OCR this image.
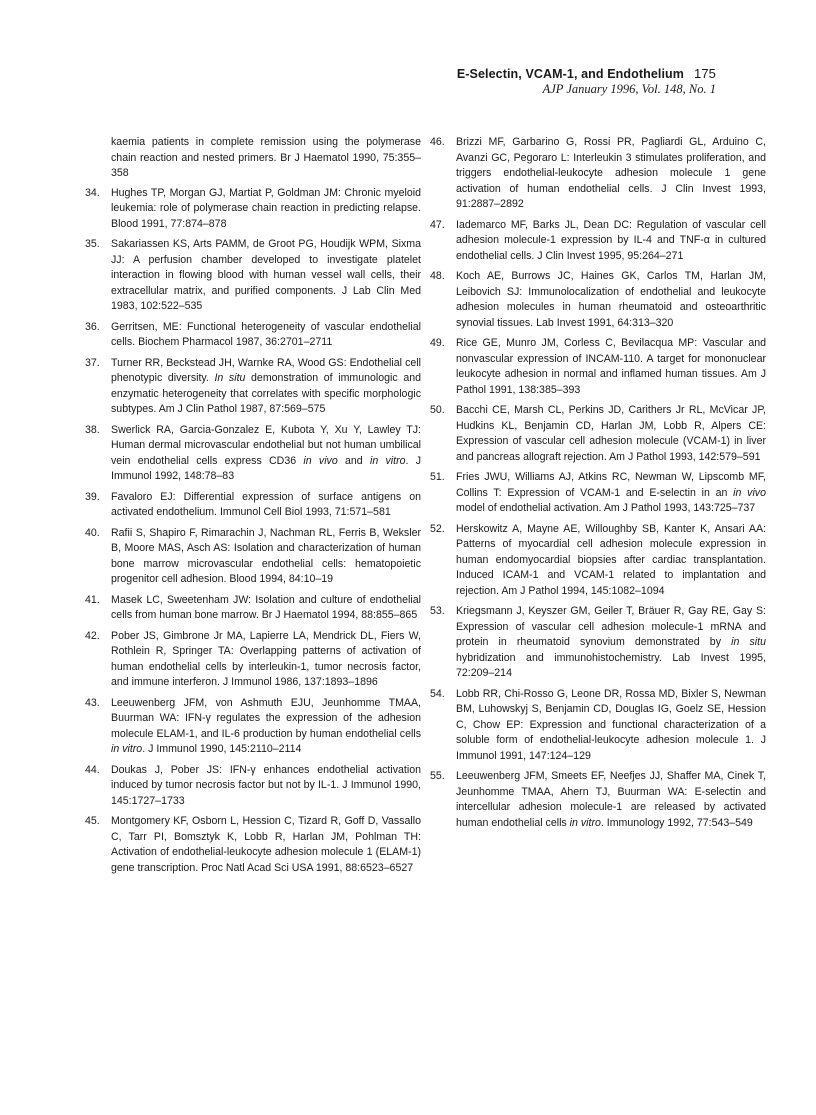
E-Selectin, VCAM-1, and Endothelium 175
AJP January 1996, Vol. 148, No. 1

kaemia patients in complete remission using the polymerase chain reaction and nested primers. Br J Haematol 1990, 75:355–358

34.	Hughes TP, Morgan GJ, Martiat P, Goldman JM: Chronic myeloid leukemia: role of polymerase chain reaction in predicting relapse. Blood 1991, 77:874–878

35.	Sakariassen KS, Arts PAMM, de Groot PG, Houdijk WPM, Sixma JJ: A perfusion chamber developed to investigate platelet interaction in flowing blood with human vessel wall cells, their extracellular matrix, and purified components. J Lab Clin Med 1983, 102:522–535

36.	Gerritsen, ME: Functional heterogeneity of vascular endothelial cells. Biochem Pharmacol 1987, 36:2701–2711

37.	Turner RR, Beckstead JH, Warnke RA, Wood GS: Endothelial cell phenotypic diversity. In situ demonstration of immunologic and enzymatic heterogeneity that correlates with specific morphologic subtypes. Am J Clin Pathol 1987, 87:569–575

38.	Swerlick RA, Garcia-Gonzalez E, Kubota Y, Xu Y, Lawley TJ: Human dermal microvascular endothelial but not human umbilical vein endothelial cells express CD36 in vivo and in vitro. J Immunol 1992, 148:78–83

39.	Favaloro EJ: Differential expression of surface antigens on activated endothelium. Immunol Cell Biol 1993, 71:571–581

40.	Rafii S, Shapiro F, Rimarachin J, Nachman RL, Ferris B, Weksler B, Moore MAS, Asch AS: Isolation and characterization of human bone marrow microvascular endothelial cells: hematopoietic progenitor cell adhesion. Blood 1994, 84:10–19

41.	Masek LC, Sweetenham JW: Isolation and culture of endothelial cells from human bone marrow. Br J Haematol 1994, 88:855–865

42.	Pober JS, Gimbrone Jr MA, Lapierre LA, Mendrick DL, Fiers W, Rothlein R, Springer TA: Overlapping patterns of activation of human endothelial cells by interleukin-1, tumor necrosis factor, and immune interferon. J Immunol 1986, 137:1893–1896

43.	Leeuwenberg JFM, von Ashmuth EJU, Jeunhomme TMAA, Buurman WA: IFN-γ regulates the expression of the adhesion molecule ELAM-1, and IL-6 production by human endothelial cells in vitro. J Immunol 1990, 145:2110–2114

44.	Doukas J, Pober JS: IFN-γ enhances endothelial activation induced by tumor necrosis factor but not by IL-1. J Immunol 1990, 145:1727–1733

45.	Montgomery KF, Osborn L, Hession C, Tizard R, Goff D, Vassallo C, Tarr PI, Bomsztyk K, Lobb R, Harlan JM, Pohlman TH: Activation of endothelial-leukocyte adhesion molecule 1 (ELAM-1) gene transcription. Proc Natl Acad Sci USA 1991, 88:6523–6527

46.	Brizzi MF, Garbarino G, Rossi PR, Pagliardi GL, Arduino C, Avanzi GC, Pegoraro L: Interleukin 3 stimulates proliferation, and triggers endothelial-leukocyte adhesion molecule 1 gene activation of human endothelial cells. J Clin Invest 1993, 91:2887–2892

47.	Iademarco MF, Barks JL, Dean DC: Regulation of vascular cell adhesion molecule-1 expression by IL-4 and TNF-α in cultured endothelial cells. J Clin Invest 1995, 95:264–271

48.	Koch AE, Burrows JC, Haines GK, Carlos TM, Harlan JM, Leibovich SJ: Immunolocalization of endothelial and leukocyte adhesion molecules in human rheumatoid and osteoarthritic synovial tissues. Lab Invest 1991, 64:313–320

49.	Rice GE, Munro JM, Corless C, Bevilacqua MP: Vascular and nonvascular expression of INCAM-110. A target for mononuclear leukocyte adhesion in normal and inflamed human tissues. Am J Pathol 1991, 138:385–393

50.	Bacchi CE, Marsh CL, Perkins JD, Carithers Jr RL, McVicar JP, Hudkins KL, Benjamin CD, Harlan JM, Lobb R, Alpers CE: Expression of vascular cell adhesion molecule (VCAM-1) in liver and pancreas allograft rejection. Am J Pathol 1993, 142:579–591

51.	Fries JWU, Williams AJ, Atkins RC, Newman W, Lipscomb MF, Collins T: Expression of VCAM-1 and E-selectin in an in vivo model of endothelial activation. Am J Pathol 1993, 143:725–737

52.	Herskowitz A, Mayne AE, Willoughby SB, Kanter K, Ansari AA: Patterns of myocardial cell adhesion molecule expression in human endomyocardial biopsies after cardiac transplantation. Induced ICAM-1 and VCAM-1 related to implantation and rejection. Am J Pathol 1994, 145:1082–1094

53.	Kriegsmann J, Keyszer GM, Geiler T, Bräuer R, Gay RE, Gay S: Expression of vascular cell adhesion molecule-1 mRNA and protein in rheumatoid synovium demonstrated by in situ hybridization and immunohistochemistry. Lab Invest 1995, 72:209–214

54.	Lobb RR, Chi-Rosso G, Leone DR, Rossa MD, Bixler S, Newman BM, Luhowskyj S, Benjamin CD, Douglas IG, Goelz SE, Hession C, Chow EP: Expression and functional characterization of a soluble form of endothelial-leukocyte adhesion molecule 1. J Immunol 1991, 147:124–129

55.	Leeuwenberg JFM, Smeets EF, Neefjes JJ, Shaffer MA, Cinek T, Jeunhomme TMAA, Ahern TJ, Buurman WA: E-selectin and intercellular adhesion molecule-1 are released by activated human endothelial cells in vitro. Immunology 1992, 77:543–549
